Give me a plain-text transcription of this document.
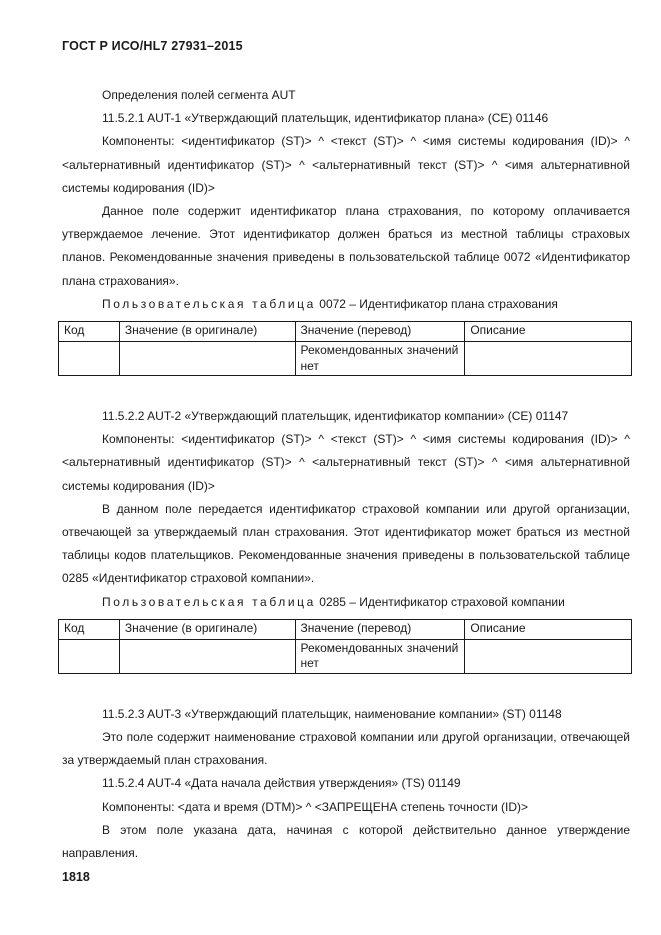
ГОСТ Р ИСО/HL7 27931–2015

Определения полей сегмента AUT

11.5.2.1 AUT-1 «Утверждающий плательщик, идентификатор плана» (CE) 01146

Компоненты: <идентификатор (ST)> ^ <текст (ST)> ^ <имя системы кодирования (ID)> ^ <альтернативный идентификатор (ST)> ^ <альтернативный текст (ST)> ^ <имя альтернативной системы кодирования (ID)>

Данное поле содержит идентификатор плана страхования, по которому оплачивается утверждаемое лечение. Этот идентификатор должен браться из местной таблицы страховых планов. Рекомендованные значения приведены в пользовательской таблице 0072 «Идентификатор плана страхования».

Пользовательская таблица 0072 – Идентификатор плана страхования

Код	Значение (в оригинале)	Значение (перевод)	Описание
		Рекомендованных значений нет	

11.5.2.2 AUT-2 «Утверждающий плательщик, идентификатор компании» (CE) 01147

Компоненты: <идентификатор (ST)> ^ <текст (ST)> ^ <имя системы кодирования (ID)> ^ <альтернативный идентификатор (ST)> ^ <альтернативный текст (ST)> ^ <имя альтернативной системы кодирования (ID)>

В данном поле передается идентификатор страховой компании или другой организации, отвечающей за утверждаемый план страхования. Этот идентификатор может браться из местной таблицы кодов плательщиков. Рекомендованные значения приведены в пользовательской таблице 0285 «Идентификатор страховой компании».

Пользовательская таблица 0285 – Идентификатор страховой компании

Код	Значение (в оригинале)	Значение (перевод)	Описание
		Рекомендованных значений нет	

11.5.2.3 AUT-3 «Утверждающий плательщик, наименование компании» (ST) 01148

Это поле содержит наименование страховой компании или другой организации, отвечающей за утверждаемый план страхования.

11.5.2.4 AUT-4 «Дата начала действия утверждения» (TS) 01149

Компоненты: <дата и время (DTM)> ^ <ЗАПРЕЩЕНА степень точности (ID)>

В этом поле указана дата, начиная с которой действительно данное утверждение направления.

1818
